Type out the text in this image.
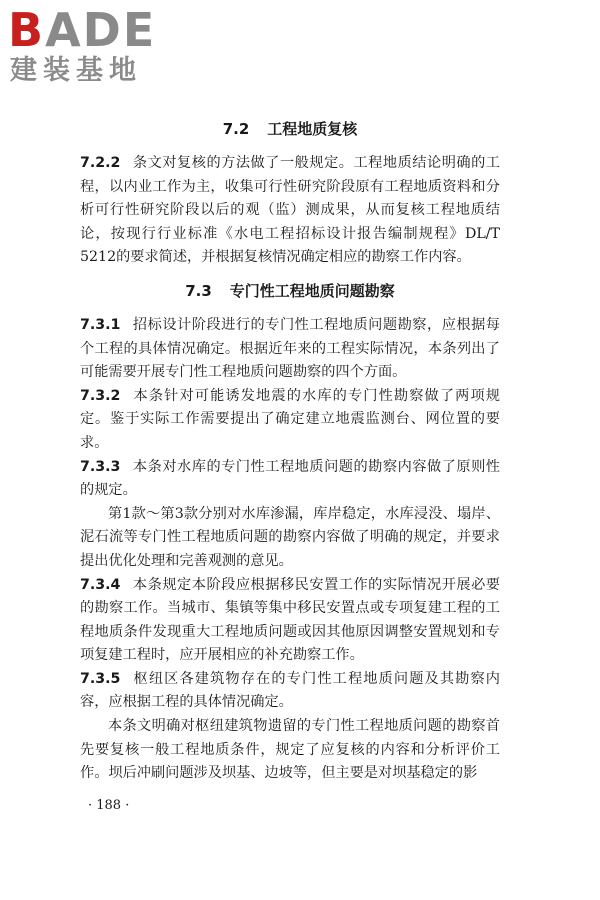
BADE
建装基地
7.2 工程地质复核

7.2.2 条文对复核的方法做了一般规定。工程地质结论明确的工程，以内业工作为主，收集可行性研究阶段原有工程地质资料和分析可行性研究阶段以后的观（监）测成果，从而复核工程地质结论，按现行行业标准《水电工程招标设计报告编制规程》DL/T 5212的要求简述，并根据复核情况确定相应的勘察工作内容。

7.3 专门性工程地质问题勘察

7.3.1 招标设计阶段进行的专门性工程地质问题勘察，应根据每个工程的具体情况确定。根据近年来的工程实际情况，本条列出了可能需要开展专门性工程地质问题勘察的四个方面。

7.3.2 本条针对可能诱发地震的水库的专门性勘察做了两项规定。鉴于实际工作需要提出了确定建立地震监测台、网位置的要求。

7.3.3 本条对水库的专门性工程地质问题的勘察内容做了原则性的规定。

第1款～第3款分别对水库渗漏，库岸稳定，水库浸没、塌岸、泥石流等专门性工程地质问题的勘察内容做了明确的规定，并要求提出优化处理和完善观测的意见。

7.3.4 本条规定本阶段应根据移民安置工作的实际情况开展必要的勘察工作。当城市、集镇等集中移民安置点或专项复建工程的工程地质条件发现重大工程地质问题或因其他原因调整安置规划和专项复建工程时，应开展相应的补充勘察工作。

7.3.5 枢纽区各建筑物存在的专门性工程地质问题及其勘察内容，应根据工程的具体情况确定。

本条文明确对枢纽建筑物遗留的专门性工程地质问题的勘察首先要复核一般工程地质条件，规定了应复核的内容和分析评价工作。坝后冲刷问题涉及坝基、边坡等，但主要是对坝基稳定的影

· 188 ·
